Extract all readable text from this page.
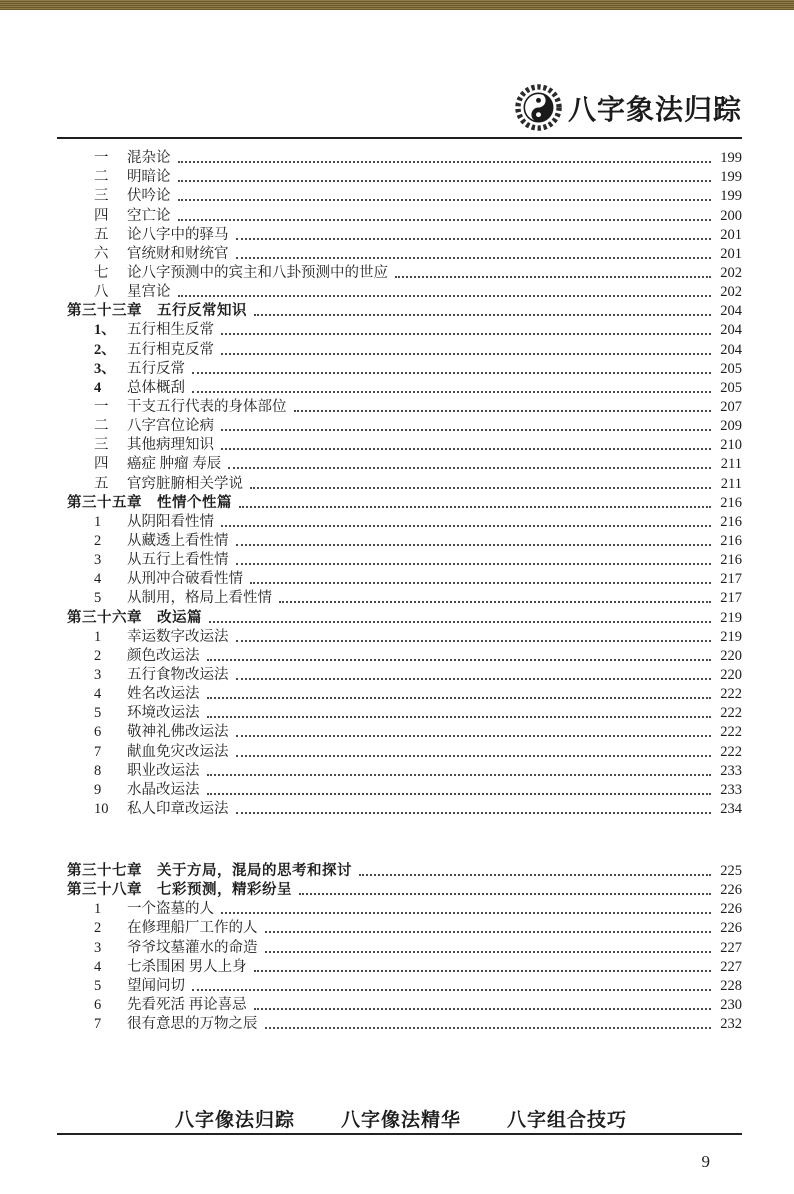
八字象法归踪
一	混杂论	199
二	明暗论	199
三	伏吟论	199
四	空亡论	200
五	论八字中的驿马	201
六	官统财和财统官	201
七	论八字预测中的宾主和八卦预测中的世应	202
八	星宫论	202
第三十三章　五行反常知识	204
1、 五行相生反常	204
2、 五行相克反常	204
3、 五行反常	205
4	总体概刮	205
一	干支五行代表的身体部位	207
二	八字宫位论病	209
三	其他病理知识	210
四	癌症 肿瘤 寿辰	211
五	官窍脏腑相关学说	211
第三十五章　性情个性篇	216
1	从阴阳看性情	216
2	从藏透上看性情	216
3	从五行上看性情	216
4	从刑冲合破看性情	217
5	从制用，格局上看性情	217
第三十六章　改运篇	219
1	幸运数字改运法	219
2	颜色改运法	220
3	五行食物改运法	220
4	姓名改运法	222
5	环境改运法	222
6	敬神礼佛改运法	222
7	献血免灾改运法	222
8	职业改运法	233
9	水晶改运法	233
10	私人印章改运法	234
第三十七章　关于方局，混局的思考和探讨	225
第三十八章　七彩预测，精彩纷呈	226
1	一个盗墓的人	226
2	在修理船厂工作的人	226
3	爷爷坟墓灌水的命造	227
4	七杀围困 男人上身	227
5	望闻问切	228
6	先看死活 再论喜忌	230
7	很有意思的万物之辰	232
八字像法归踪 八字像法精华 八字组合技巧
9
